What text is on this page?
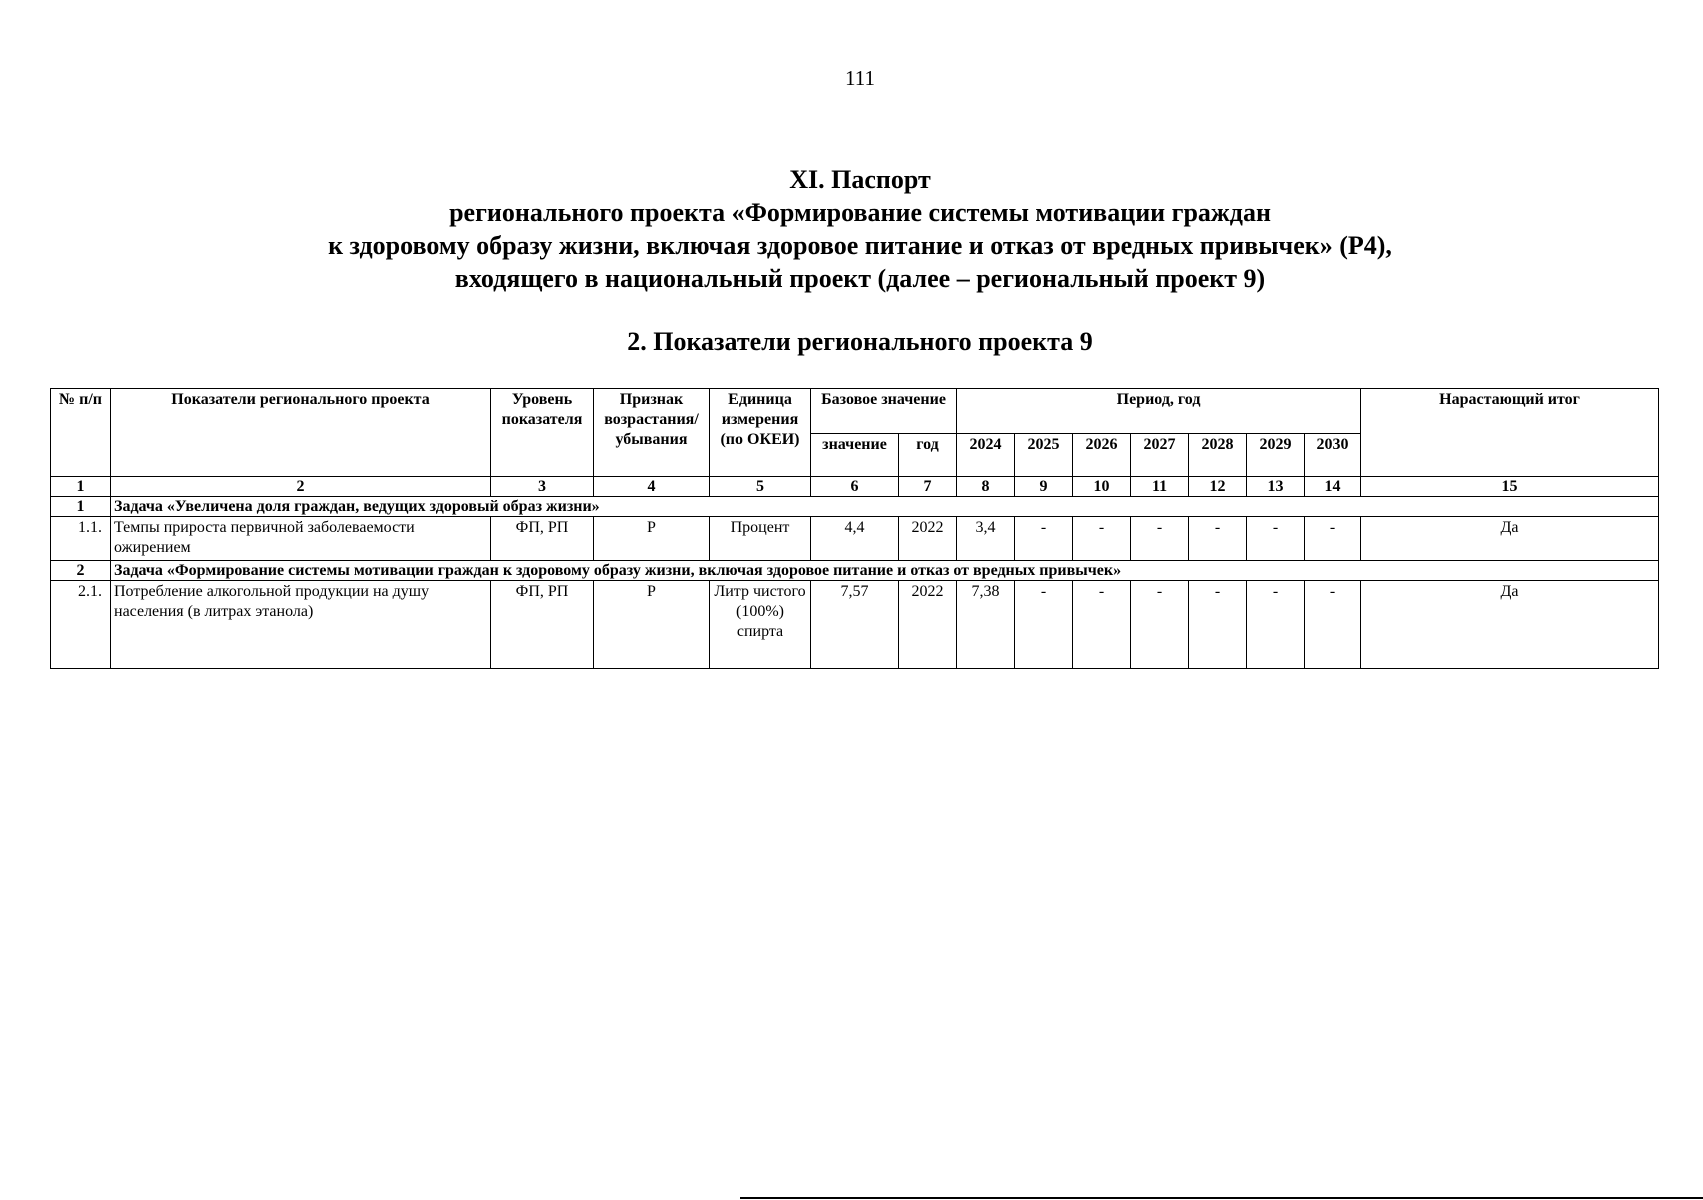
111
XI. Паспорт
регионального проекта «Формирование системы мотивации граждан
к здоровому образу жизни, включая здоровое питание и отказ от вредных привычек» (Р4),
входящего в национальный проект (далее – региональный проект 9)
2. Показатели регионального проекта 9
№ п/п	Показатели регионального проекта	Уровень показателя	Признак возрастания/ убывания	Единица измерения (по ОКЕИ)	Базовое значение		Период, год							Нарастающий итог
					значение	год	2024	2025	2026	2027	2028	2029	2030	
1	2	3	4	5	6	7	8	9	10	11	12	13	14	15
1	Задача «Увеличена доля граждан, ведущих здоровый образ жизни»													
1.1.	Темпы прироста первичной заболеваемости ожирением	ФП, РП	Р	Процент	4,4	2022	3,4	-	-	-	-	-	-	Да
2	Задача «Формирование системы мотивации граждан к здоровому образу жизни, включая здоровое питание и отказ от вредных привычек»													
2.1.	Потребление алкогольной продукции на душу населения (в литрах этанола)	ФП, РП	Р	Литр чистого (100%) спирта	7,57	2022	7,38	-	-	-	-	-	-	Да
